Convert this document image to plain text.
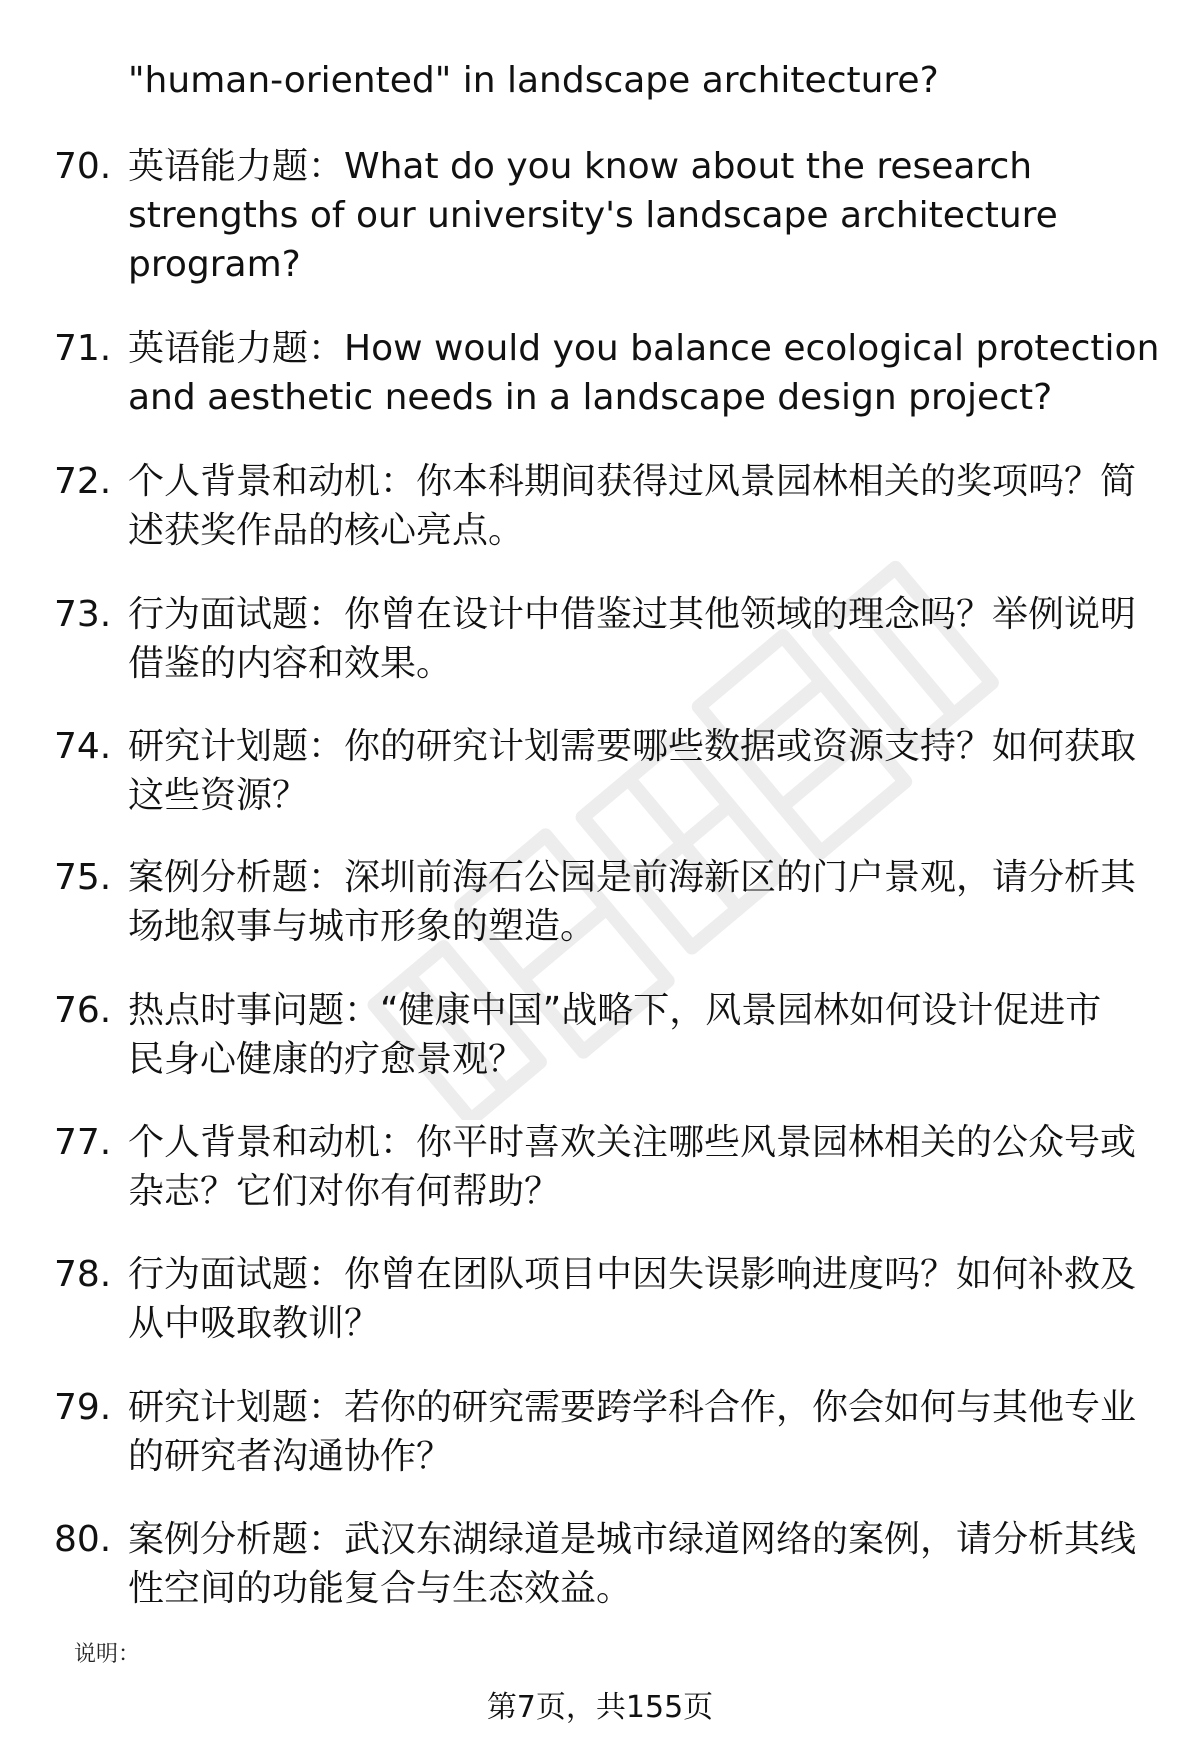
"human-oriented" in landscape architecture?
70. 英语能力题：What do you know about the research
strengths of our university's landscape architecture
program?
71. 英语能力题：How would you balance ecological protection
and aesthetic needs in a landscape design project?
72. 个人背景和动机：你本科期间获得过风景园林相关的奖项吗？简
述获奖作品的核心亮点。
73. 行为面试题：你曾在设计中借鉴过其他领域的理念吗？举例说明
借鉴的内容和效果。
74. 研究计划题：你的研究计划需要哪些数据或资源支持？如何获取
这些资源？
75. 案例分析题：深圳前海石公园是前海新区的门户景观，请分析其
场地叙事与城市形象的塑造。
76. 热点时事问题：“健康中国”战略下，风景园林如何设计促进市
民身心健康的疗愈景观？
77. 个人背景和动机：你平时喜欢关注哪些风景园林相关的公众号或
杂志？它们对你有何帮助？
78. 行为面试题：你曾在团队项目中因失误影响进度吗？如何补救及
从中吸取教训？
79. 研究计划题：若你的研究需要跨学科合作，你会如何与其他专业
的研究者沟通协作？
80. 案例分析题：武汉东湖绿道是城市绿道网络的案例，请分析其线
性空间的功能复合与生态效益。
说明：
第7页，共155页
